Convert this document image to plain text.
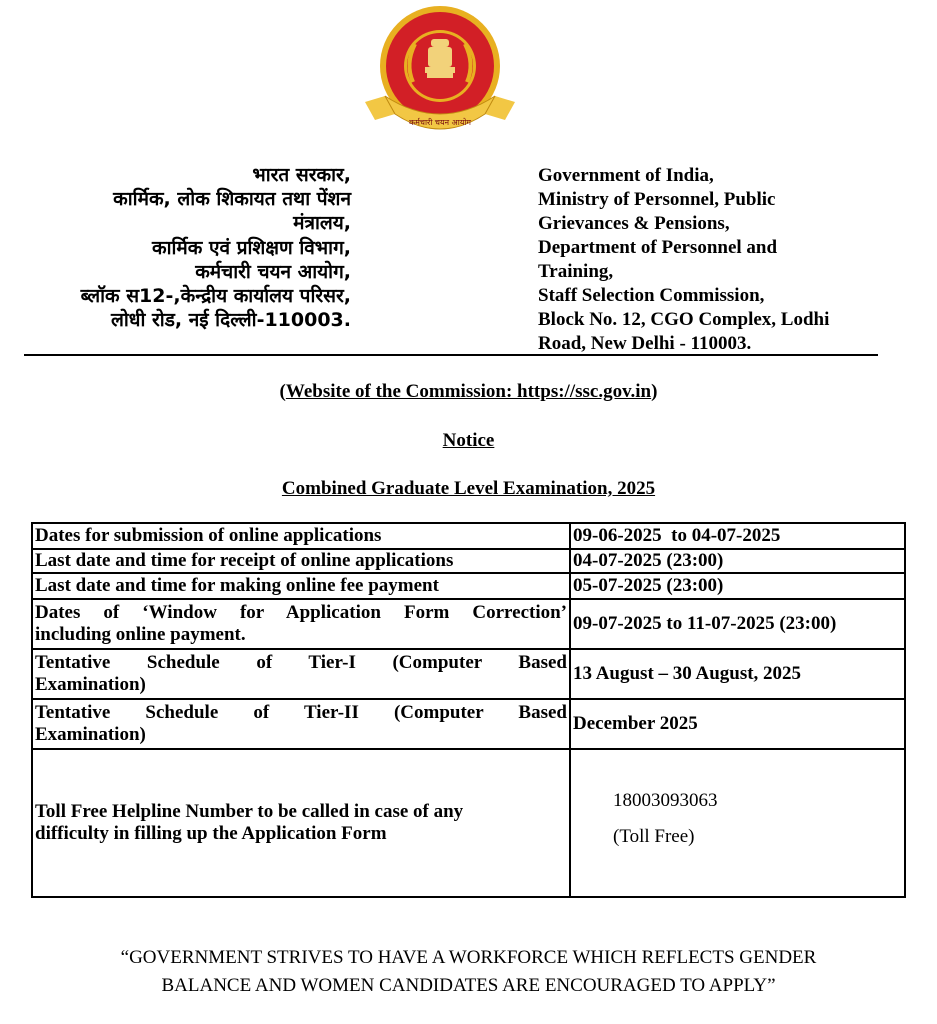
कर्मचारी चयन आयोग
भारत सरकार,
कार्मिक, लोक शिकायत तथा पेंशन
मंत्रालय,
कार्मिक एवं प्रशिक्षण विभाग,
कर्मचारी चयन आयोग,
ब्लॉक स12-,केन्द्रीय कार्यालय परिसर,
लोधी रोड, नई दिल्ली-110003.
Government of India,
Ministry of Personnel, Public
Grievances & Pensions,
Department of Personnel and
Training,
Staff Selection Commission,
Block No. 12, CGO Complex, Lodhi
Road, New Delhi - 110003.
(Website of the Commission: https://ssc.gov.in)
Notice
Combined Graduate Level Examination, 2025
Dates for submission of online applications	09-06-2025  to 04-07-2025
Last date and time for receipt of online applications	04-07-2025 (23:00)
Last date and time for making online fee payment	05-07-2025 (23:00)

Dates of ‘Window for Application Form Correction’
including online payment.	09-07-2025 to 11-07-2025 (23:00)

Tentative Schedule of Tier-I (Computer Based
Examination)	13 August – 30 August, 2025

Tentative Schedule of Tier-II (Computer Based
Examination)	December 2025
Toll Free Helpline Number to be called in case of any difficulty in filling up the Application Form	18003093063
(Toll Free)
“GOVERNMENT STRIVES TO HAVE A WORKFORCE WHICH REFLECTS GENDER BALANCE AND WOMEN CANDIDATES ARE ENCOURAGED TO APPLY”
